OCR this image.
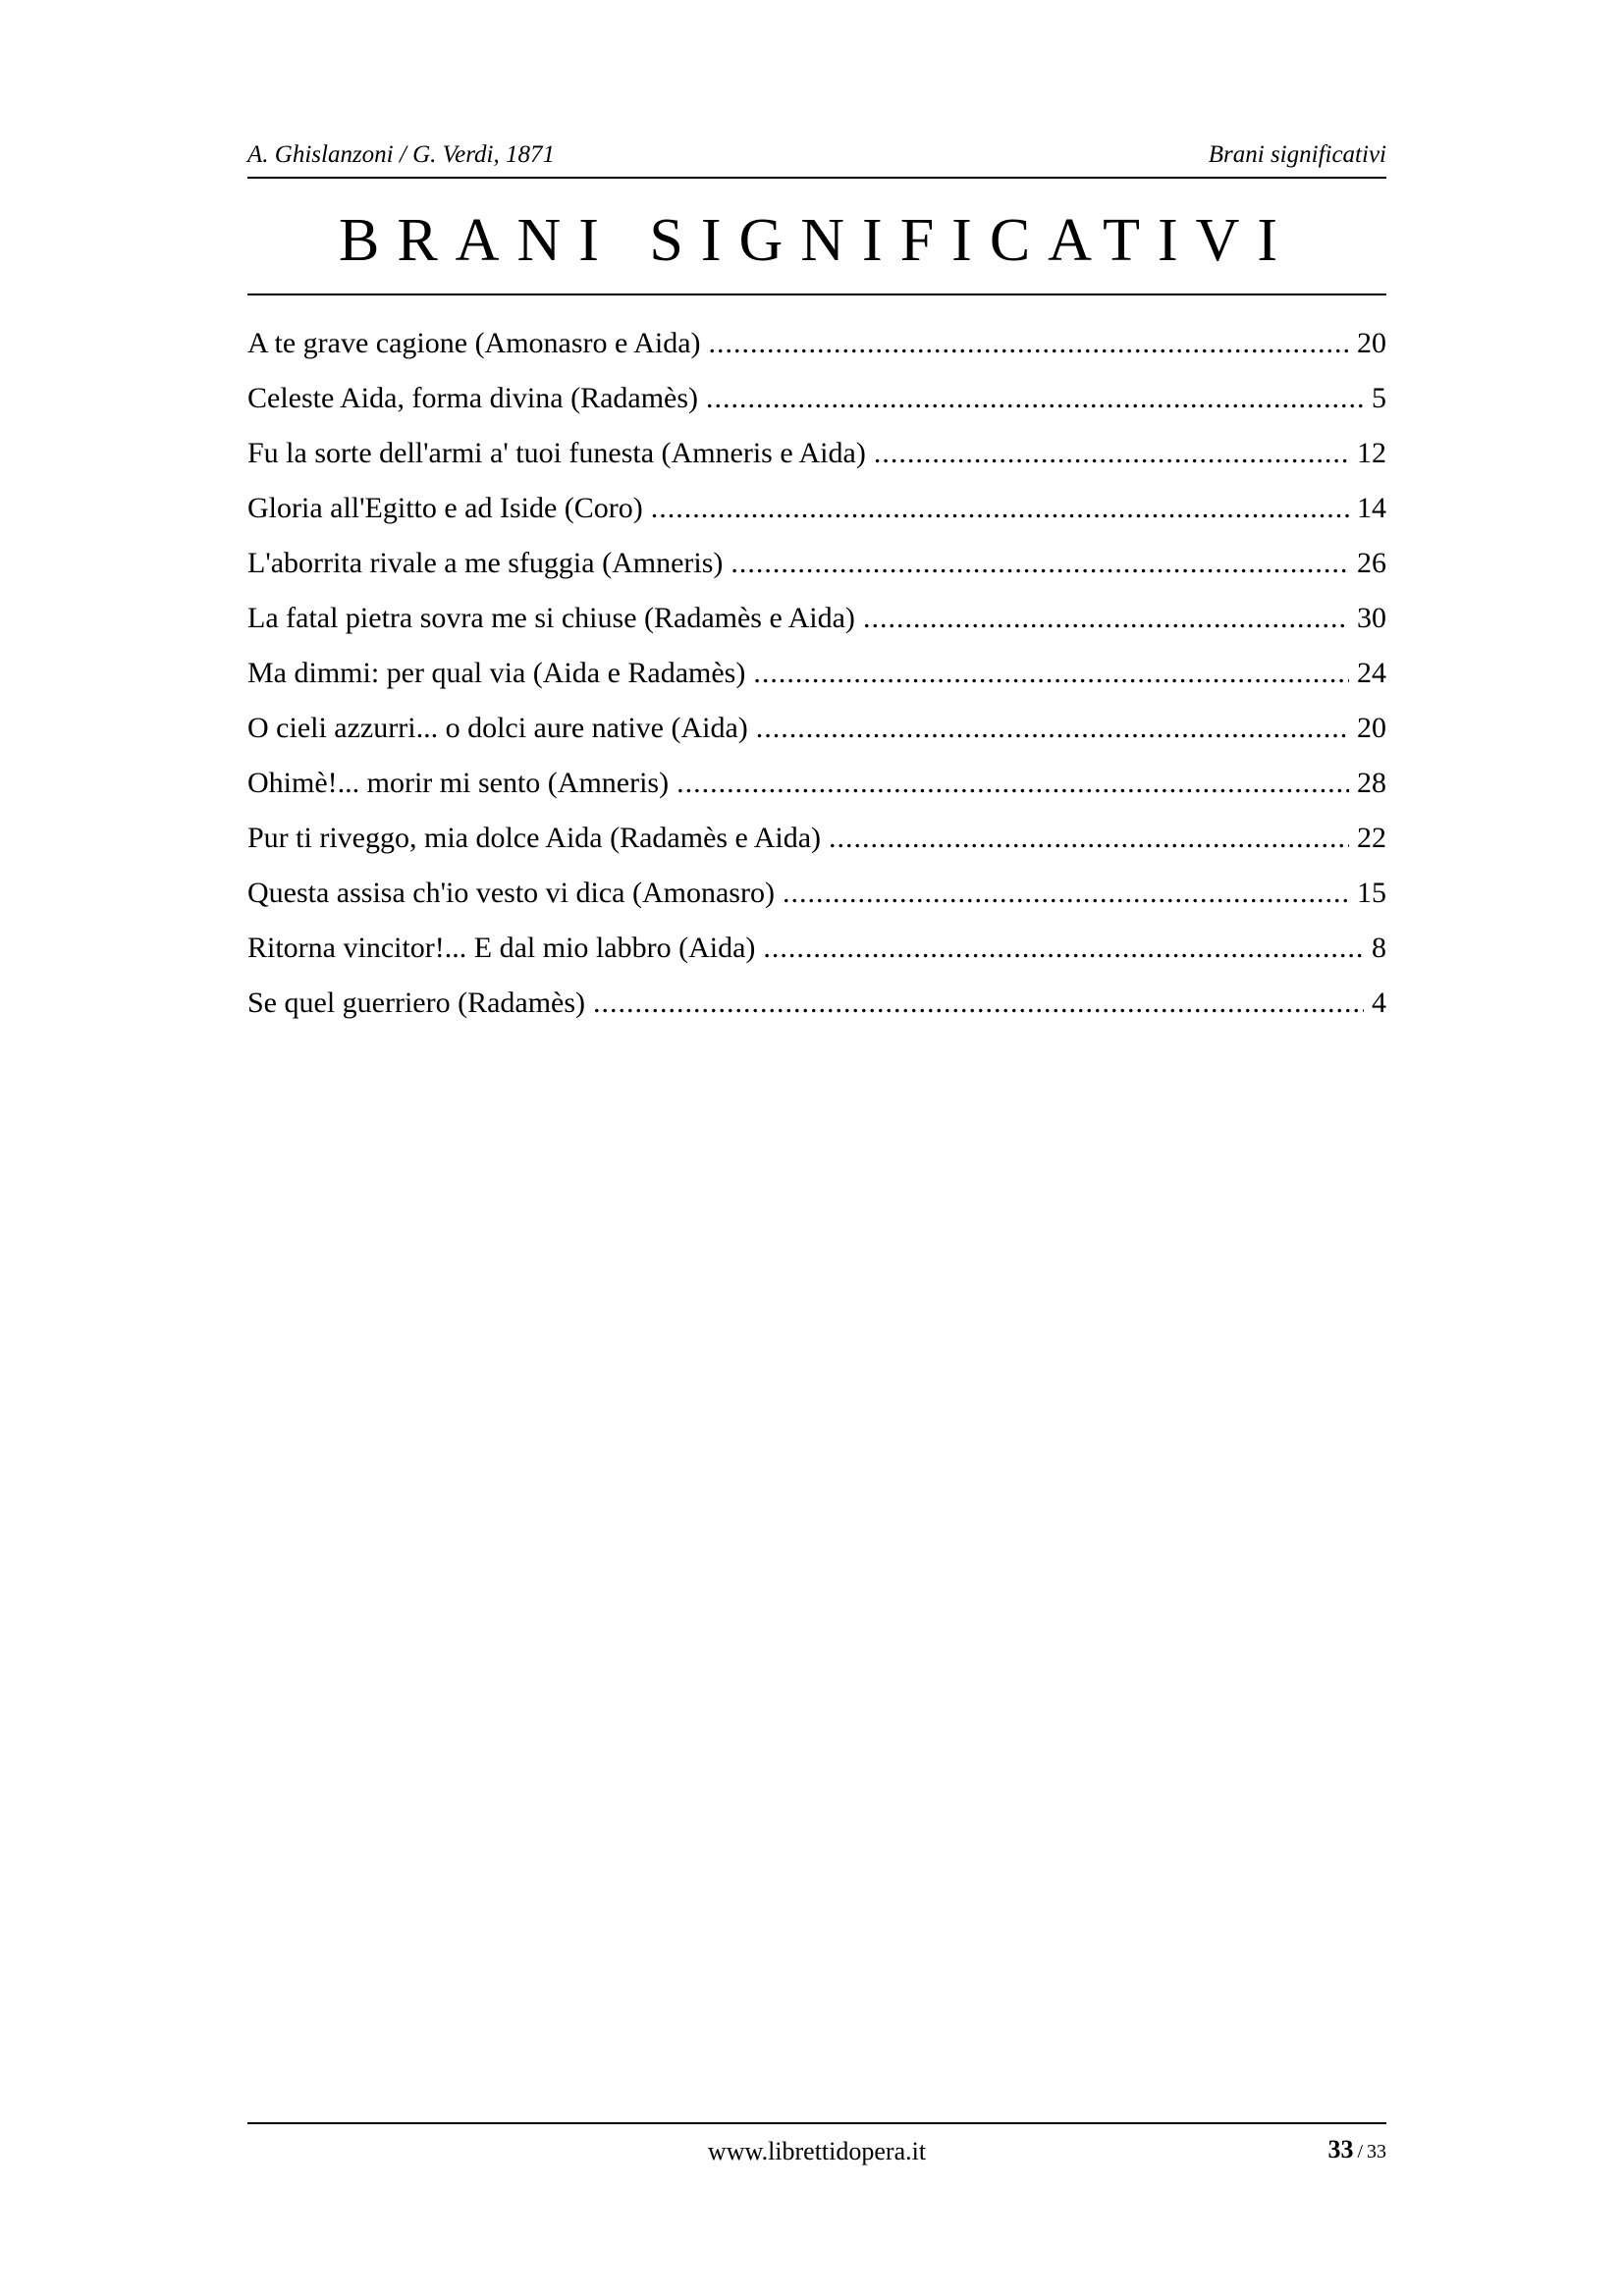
A. Ghislanzoni / G. Verdi, 1871	Brani significativi
BRANI SIGNIFICATIVI
A te grave cagione (Amonasro e Aida) .....	20
Celeste Aida, forma divina (Radamès) .....	5
Fu la sorte dell'armi a' tuoi funesta (Amneris e Aida) .....	12
Gloria all'Egitto e ad Iside (Coro) .....	14
L'aborrita rivale a me sfuggia (Amneris) .....	26
La fatal pietra sovra me si chiuse (Radamès e Aida) .....	30
Ma dimmi: per qual via (Aida e Radamès) .....	24
O cieli azzurri... o dolci aure native (Aida) .....	20
Ohimè!... morir mi sento (Amneris) .....	28
Pur ti riveggo, mia dolce Aida (Radamès e Aida) .....	22
Questa assisa ch'io vesto vi dica (Amonasro) .....	15
Ritorna vincitor!... E dal mio labbro (Aida) .....	8
Se quel guerriero (Radamès) .....	4
www.librettidopera.it	33 / 33
